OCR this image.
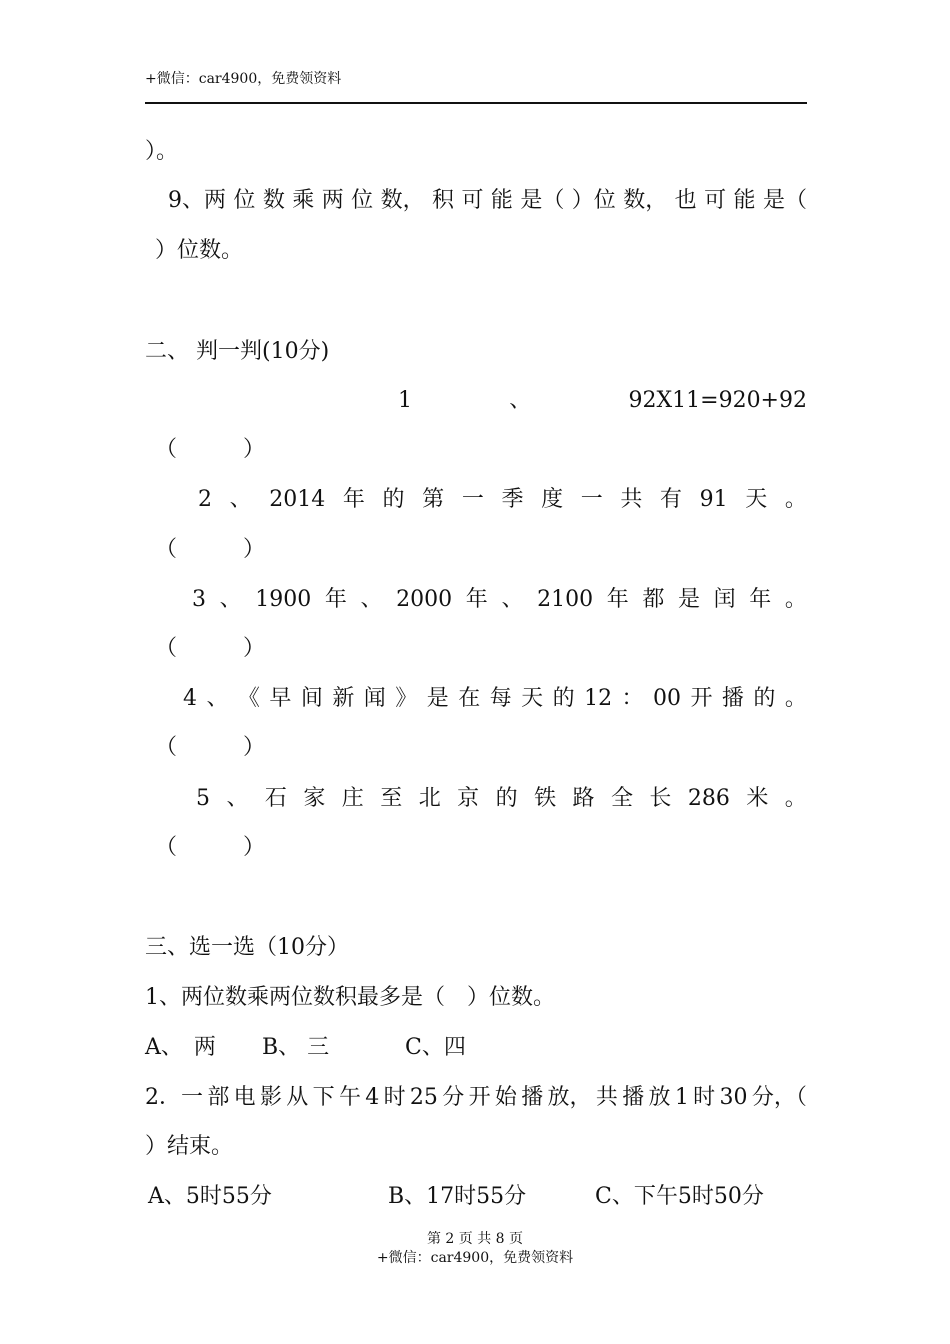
+微信：car4900，免费领资料
）。
9、两 位 数 乘 两 位 数， 积 可 能 是（ ）位 数， 也 可 能 是（
）位数。
二、 判一判(10分)
1	、	92X11=920+92
（　　　）
2 、 2014 年 的 第 一 季 度 一 共 有 91 天 。
（　　　）
3 、 1900 年 、 2000 年 、 2100 年 都 是 闰 年 。
（　　　）
4 、 《 早 间 新 闻 》 是 在 每 天 的 12 ： 00 开 播 的 。
（　　　）
5 、 石 家 庄 至 北 京 的 铁 路 全 长 286 米 。
（　　　）
三、选一选（10分）
1、两位数乘两位数积最多是（　）位数。
A、　两 B、 三	C、四
2．一 部 电 影 从 下 午 4 时 25 分 开 始 播 放， 共 播 放 1 时 30 分，（
）结束。
A、5时55分	B、17时55分	C、下午5时50分
第 2 页 共 8 页
+微信：car4900，免费领资料
